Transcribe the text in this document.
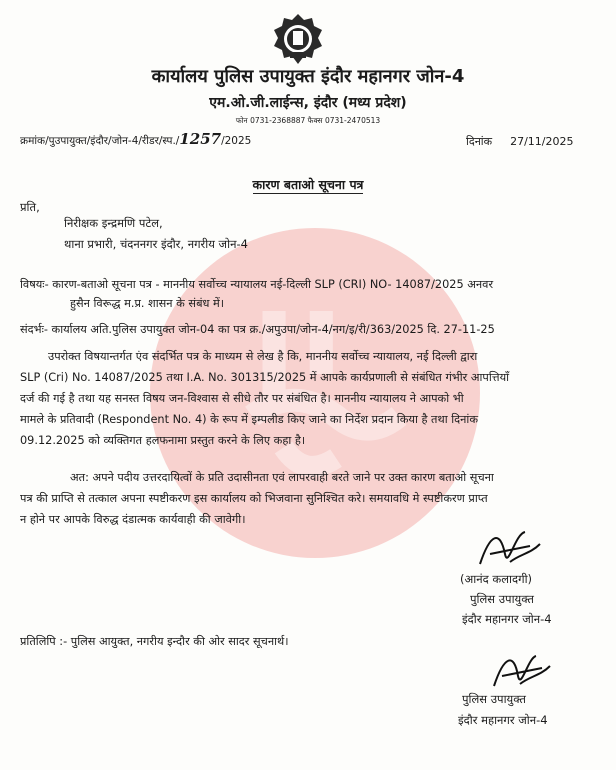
कार्यालय पुलिस उपायुक्त इंदौर महानगर जोन-4
एम.ओ.जी.लाईन्स, इंदौर (मध्य प्रदेश)
फोन 0731-2368887 फैक्स 0731-2470513
क्रमांक/पुउपायुक्त/इंदौर/जोन-4/रीडर/स्प./1257/2025	दिनांक 27/11/2025
कारण बताओ सूचना पत्र
प्रति,
निरीक्षक इन्द्रमणि पटेल,
थाना प्रभारी, चंदननगर इंदौर, नगरीय जोन-4
विषयः- कारण-बताओ सूचना पत्र - माननीय सर्वोच्च न्यायालय नई-दिल्ली SLP (CRI) NO- 14087/2025 अनवर
हुसैन विरूद्ध म.प्र. शासन के संबंध में।
संदर्भः- कार्यालय अति.पुलिस उपायुक्त जोन-04 का पत्र क्र./अपुउपा/जोन-4/नग/इ/री/363/2025 दि. 27-11-25
उपरोक्त विषयान्तर्गत एंव संदर्भित पत्र के माध्यम से लेख है कि, माननीय सर्वोच्च न्यायालय, नई दिल्ली द्वारा
SLP (Cri) No. 14087/2025 तथा I.A. No. 301315/2025 में आपके कार्यप्रणाली से संबंधित गंभीर आपत्तियाँ
दर्ज की गई है तथा यह सनस्त विषय जन-विश्वास से सीधे तौर पर संबंधित है। माननीय न्यायालय ने आपको भी
मामले के प्रतिवादी (Respondent No. 4) के रूप में इम्पलीड किए जाने का निर्देश प्रदान किया है तथा दिनांक
09.12.2025 को व्यक्तिगत हलफनामा प्रस्तुत करने के लिए कहा है।
अत: अपने पदीय उत्तरदायित्वों के प्रति उदासीनता एवं लापरवाही बरते जाने पर उक्त कारण बताओ सूचना
पत्र की प्राप्ति से तत्काल अपना स्पष्टीकरण इस कार्यालय को भिजवाना सुनिश्चित करे। समयावधि मे स्पष्टीकरण प्राप्त
न होने पर आपके विरुद्ध दंडात्मक कार्यवाही की जावेगी।
(आनंद कलादगी)
पुलिस उपायुक्त
इंदौर महानगर जोन-4
प्रतिलिपि :- पुलिस आयुक्त, नगरीय इन्दौर की ओर सादर सूचनार्थ।
पुलिस उपायुक्त
इंदौर महानगर जोन-4
